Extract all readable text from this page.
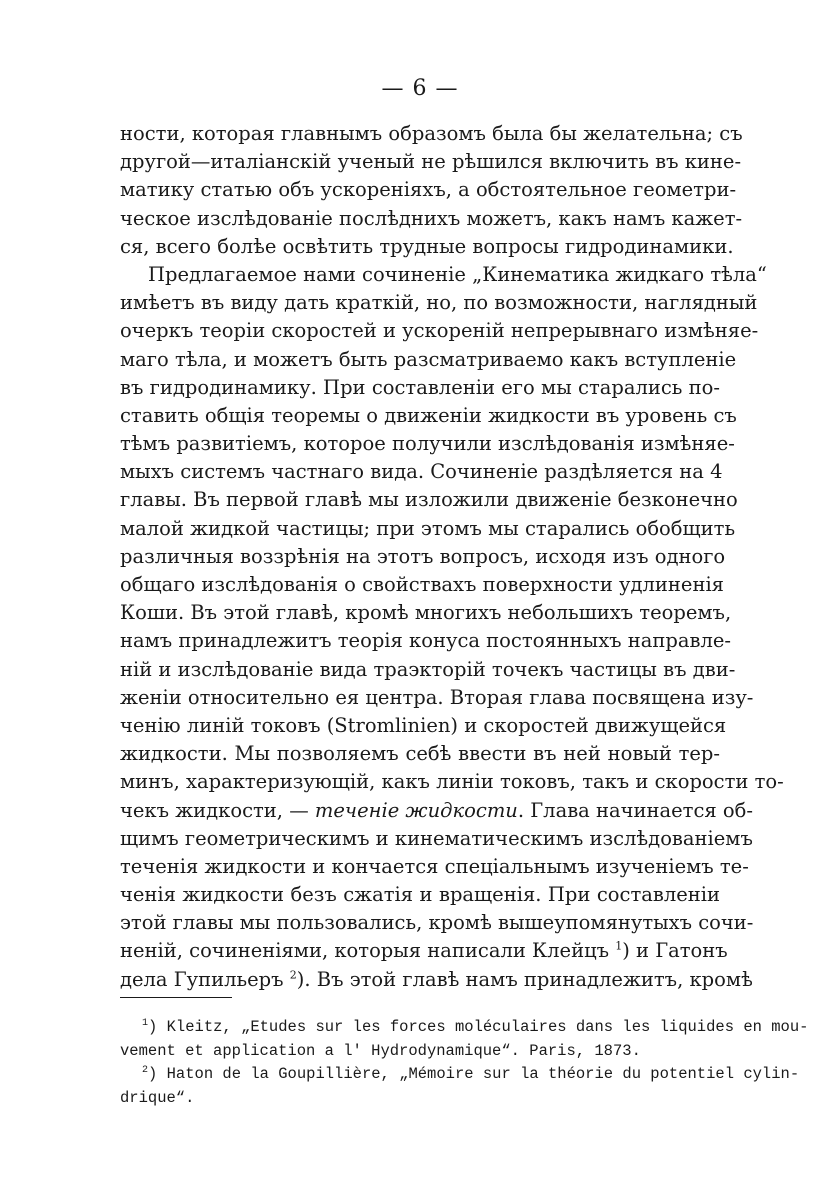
— 6 —
ности, которая главнымъ образомъ была бы желательна; съ
другой—италіанскій ученый не рѣшился включить въ кине-
матику статью объ ускореніяхъ, а обстоятельное геометри-
ческое изслѣдованіе послѣднихъ можетъ, какъ намъ кажет-
ся, всего болѣе освѣтить трудные вопросы гидродинамики.
Предлагаемое нами сочиненіе „Кинематика жидкаго тѣла“
имѣетъ въ виду дать краткій, но, по возможности, наглядный
очеркъ теоріи скоростей и ускореній непрерывнаго измѣняе-
маго тѣла, и можетъ быть разсматриваемо какъ вступленіе
въ гидродинамику. При составленіи его мы старались по-
ставить общія теоремы о движеніи жидкости въ уровень съ
тѣмъ развитіемъ, которое получили изслѣдованія измѣняе-
мыхъ системъ частнаго вида. Сочиненіе раздѣляется на 4
главы. Въ первой главѣ мы изложили движеніе безконечно
малой жидкой частицы; при этомъ мы старались обобщить
различныя воззрѣнія на этотъ вопросъ, исходя изъ одного
общаго изслѣдованія о свойствахъ поверхности удлиненія
Коши. Въ этой главѣ, кромѣ многихъ небольшихъ теоремъ,
намъ принадлежитъ теорія конуса постоянныхъ направле-
ній и изслѣдованіе вида траэкторій точекъ частицы въ дви-
женіи относительно ея центра. Вторая глава посвящена изу-
ченію линій токовъ (Stromlinien) и скоростей движущейся
жидкости. Мы позволяемъ себѣ ввести въ ней новый тер-
минъ, характеризующій, какъ линіи токовъ, такъ и скорости то-
чекъ жидкости, — теченіе жидкости. Глава начинается об-
щимъ геометрическимъ и кинематическимъ изслѣдованіемъ
теченія жидкости и кончается спеціальнымъ изученіемъ те-
ченія жидкости безъ сжатія и вращенія. При составленіи
этой главы мы пользовались, кромѣ вышеупомянутыхъ сочи-
неній, сочиненіями, которыя написали Клейцъ $^1$) и Гатонъ
дела Гупильеръ $^2$). Въ этой главѣ намъ принадлежитъ, кромѣ
$^1$) Kleitz, „Etudes sur les forces moléculaires dans les liquides en mou-
vement et application a l' Hydrodynamique“. Paris, 1873.
$^2$) Haton de la Goupillière, „Mémoire sur la théorie du potentiel cylin-
drique“.
